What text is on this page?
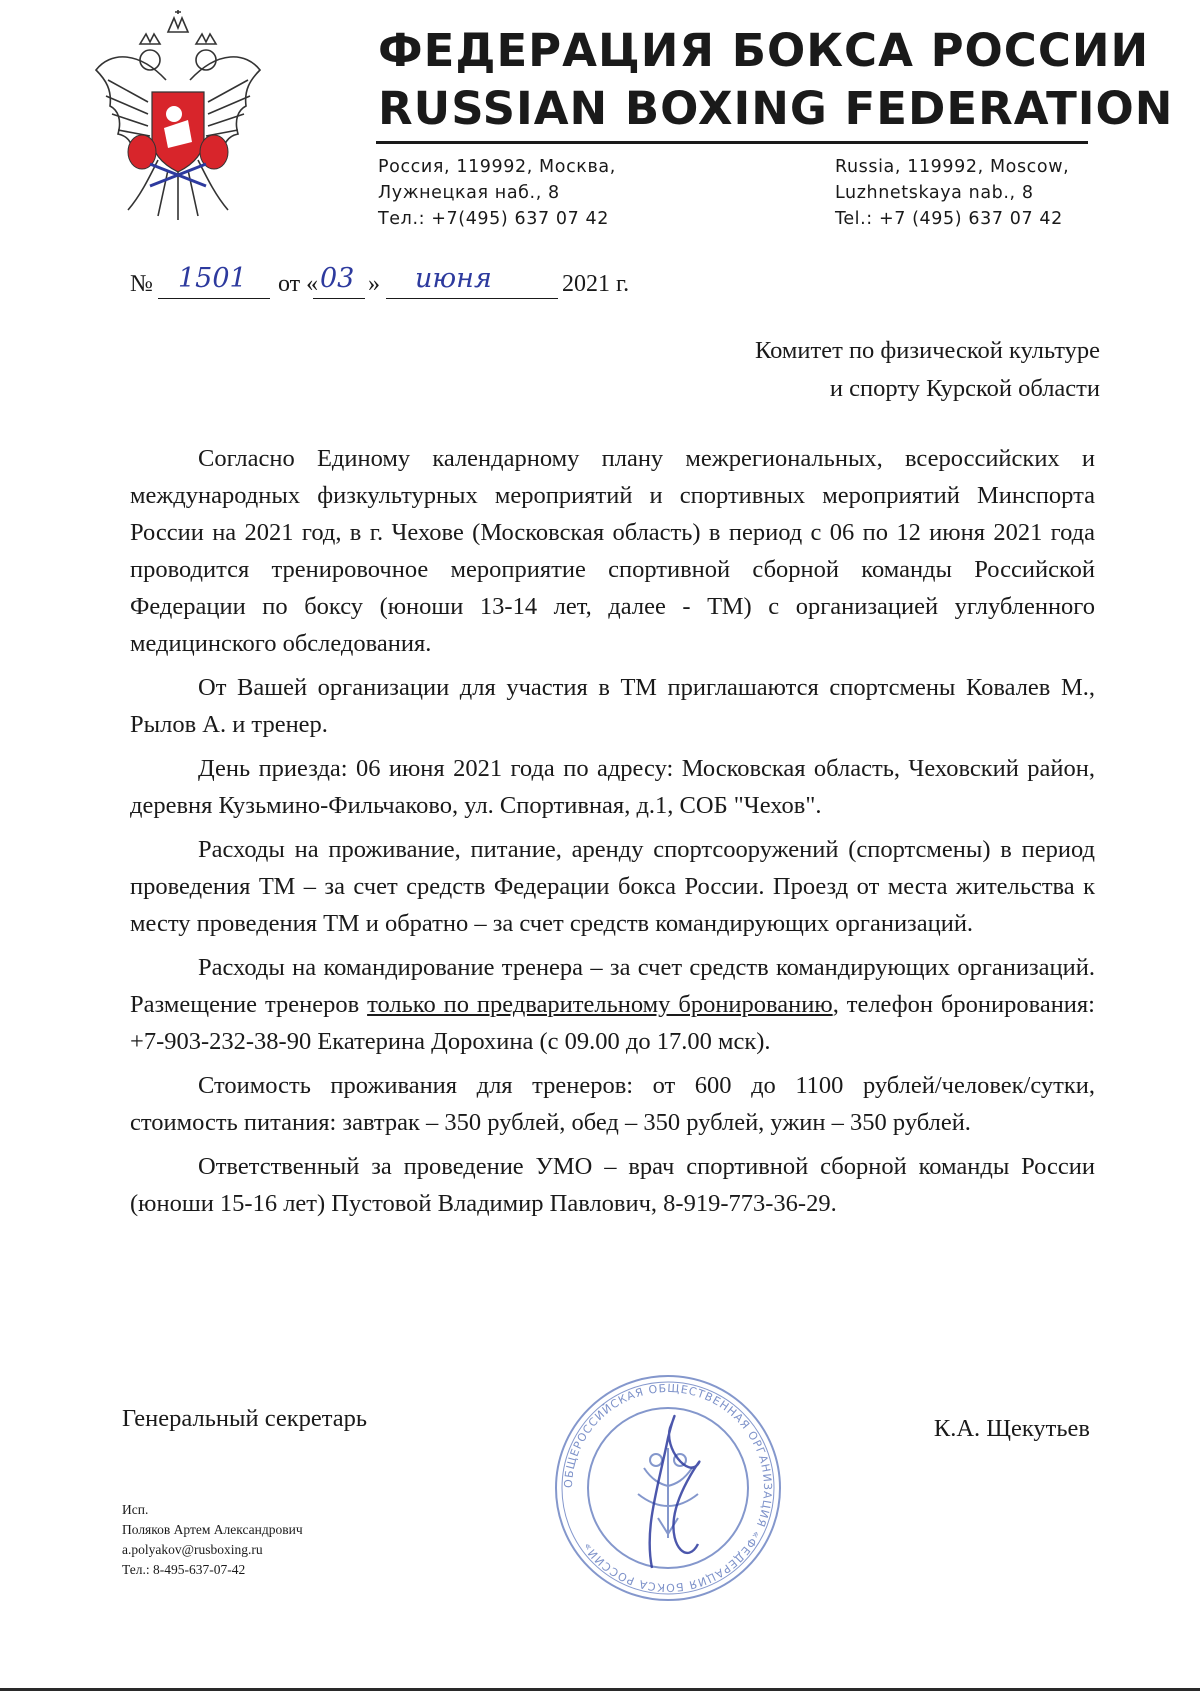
ФЕДЕРАЦИЯ БОКСА РОССИИ
RUSSIAN BOXING FEDERATION
Россия, 119992, Москва,
Лужнецкая наб., 8
Тел.: +7(495) 637 07 42
Russia, 119992, Moscow,
Luzhnetskaya nab., 8
Tel.: +7 (495) 637 07 42
№ 1501 от « 03 » июня	2021 г.
Комитет по физической культуре
и спорту Курской области

Согласно Единому календарному плану межрегиональных, всероссийских и международных физкультурных мероприятий и спортивных мероприятий Минспорта России на 2021 год, в г. Чехове (Московская область) в период с 06 по 12 июня 2021 года проводится тренировочное мероприятие спортивной сборной команды Российской Федерации по боксу (юноши 13-14 лет, далее - ТМ) с организацией углубленного медицинского обследования.

От Вашей организации для участия в ТМ приглашаются спортсмены Ковалев М., Рылов А. и тренер.

День приезда: 06 июня 2021 года по адресу: Московская область, Чеховский район, деревня Кузьмино-Фильчаково, ул. Спортивная, д.1, СОБ "Чехов".

Расходы на проживание, питание, аренду спортсооружений (спортсмены) в период проведения ТМ – за счет средств Федерации бокса России. Проезд от места жительства к месту проведения ТМ и обратно – за счет средств командирующих организаций.

Расходы на командирование тренера – за счет средств командирующих организаций. Размещение тренеров только по предварительному бронированию, телефон бронирования: +7-903-232-38-90 Екатерина Дорохина (с 09.00 до 17.00 мск).

Стоимость проживания для тренеров: от 600 до 1100 рублей/человек/сутки, стоимость питания: завтрак – 350 рублей, обед – 350 рублей, ужин – 350 рублей.

Ответственный за проведение УМО – врач спортивной сборной команды России (юноши 15-16 лет) Пустовой Владимир Павлович, 8-919-773-36-29.

Генеральный секретарь	К.А. Щекутьев
ОБЩЕРОССИЙСКАЯ ОБЩЕСТВЕННАЯ ОРГАНИЗАЦИЯ «ФЕДЕРАЦИЯ БОКСА РОССИИ»
Исп.
Поляков Артем Александрович
a.polyakov@rusboxing.ru
Тел.: 8-495-637-07-42
